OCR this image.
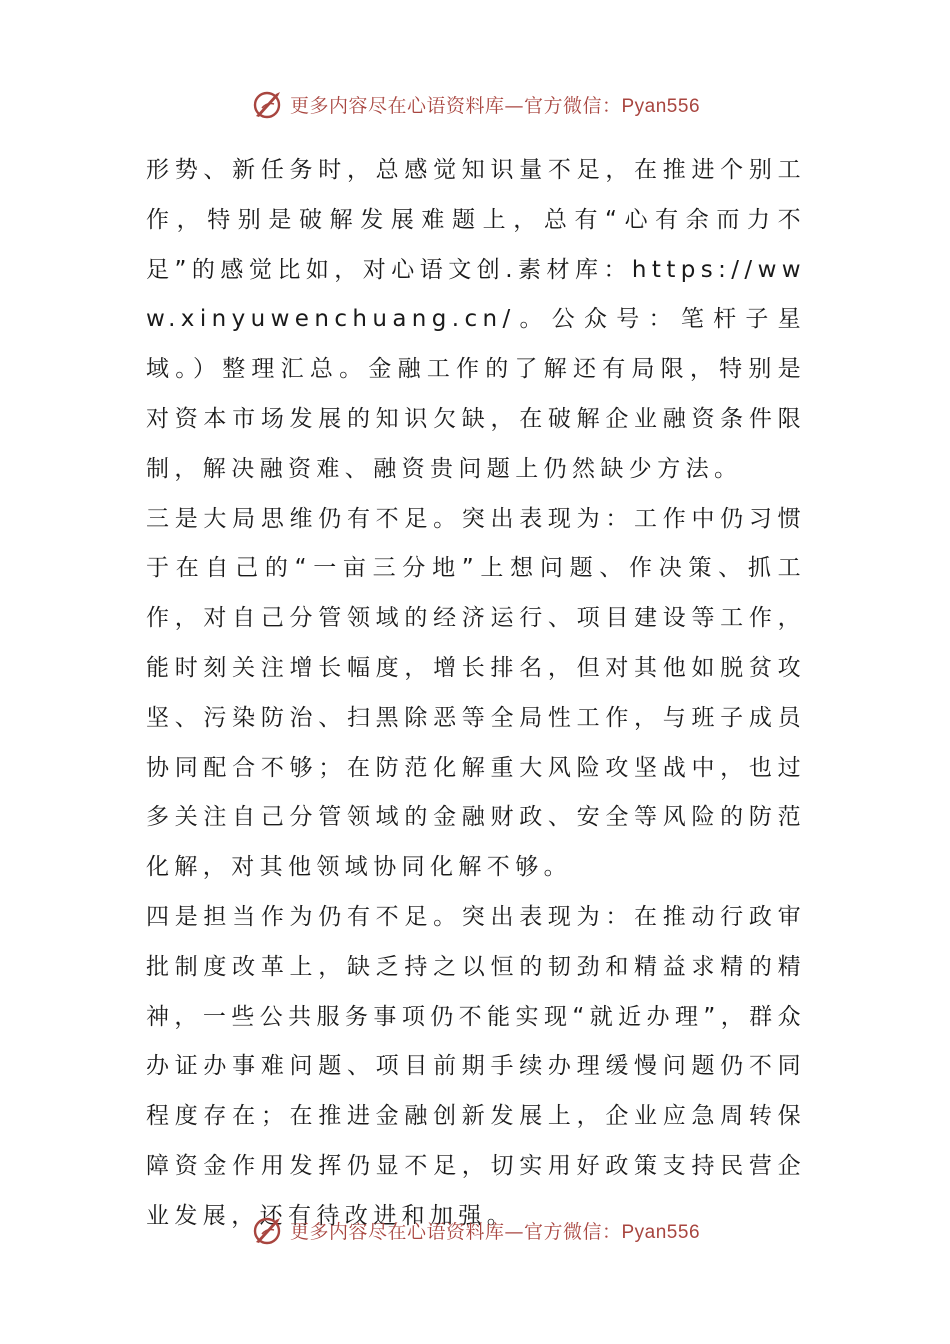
更多内容尽在心语资料库—官方微信：Pyan556

形势、新任务时，总感觉知识量不足，在推进个别工作，特别是破解发展难题上，总有“心有余而力不足”的感觉比如，对心语文创.素材库：https://www.xinyuwenchuang.cn/。公众号：笔杆子星域。）整理汇总。金融工作的了解还有局限，特别是对资本市场发展的知识欠缺，在破解企业融资条件限制，解决融资难、融资贵问题上仍然缺少方法。

三是大局思维仍有不足。突出表现为：工作中仍习惯于在自己的“一亩三分地”上想问题、作决策、抓工作，对自己分管领域的经济运行、项目建设等工作，能时刻关注增长幅度，增长排名，但对其他如脱贫攻坚、污染防治、扫黑除恶等全局性工作，与班子成员协同配合不够；在防范化解重大风险攻坚战中，也过多关注自己分管领域的金融财政、安全等风险的防范化解，对其他领域协同化解不够。

四是担当作为仍有不足。突出表现为：在推动行政审批制度改革上，缺乏持之以恒的韧劲和精益求精的精神，一些公共服务事项仍不能实现“就近办理”，群众办证办事难问题、项目前期手续办理缓慢问题仍不同程度存在；在推进金融创新发展上，企业应急周转保障资金作用发挥仍显不足，切实用好政策支持民营企业发展，还有待改进和加强。

更多内容尽在心语资料库—官方微信：Pyan556
